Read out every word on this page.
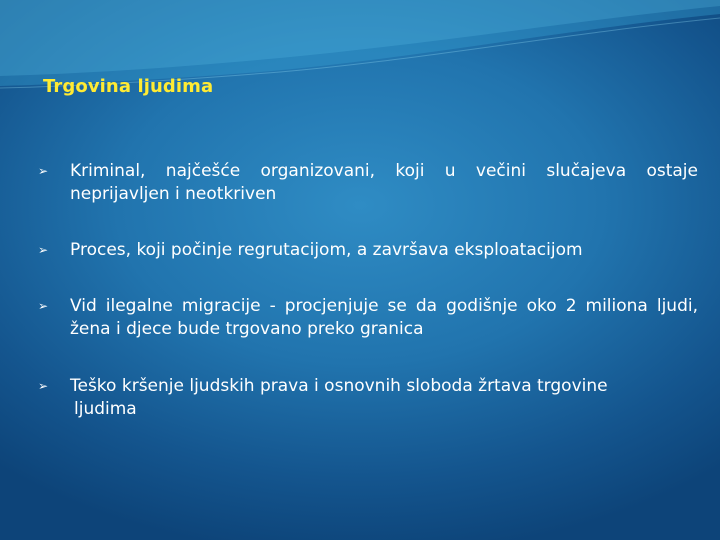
Trgovina ljudima
➢	Kriminal, najčešće organizovani, koji u večini slučajeva ostaje neprijavljen i neotkriven
➢	Proces, koji počinje regrutacijom, a završava eksploatacijom
➢	Vid ilegalne migracije - procjenjuje se da godišnje oko 2 miliona ljudi, žena i djece bude trgovano preko granica
➢	Teško kršenje ljudskih prava i osnovnih sloboda žrtava trgovine
ljudima
